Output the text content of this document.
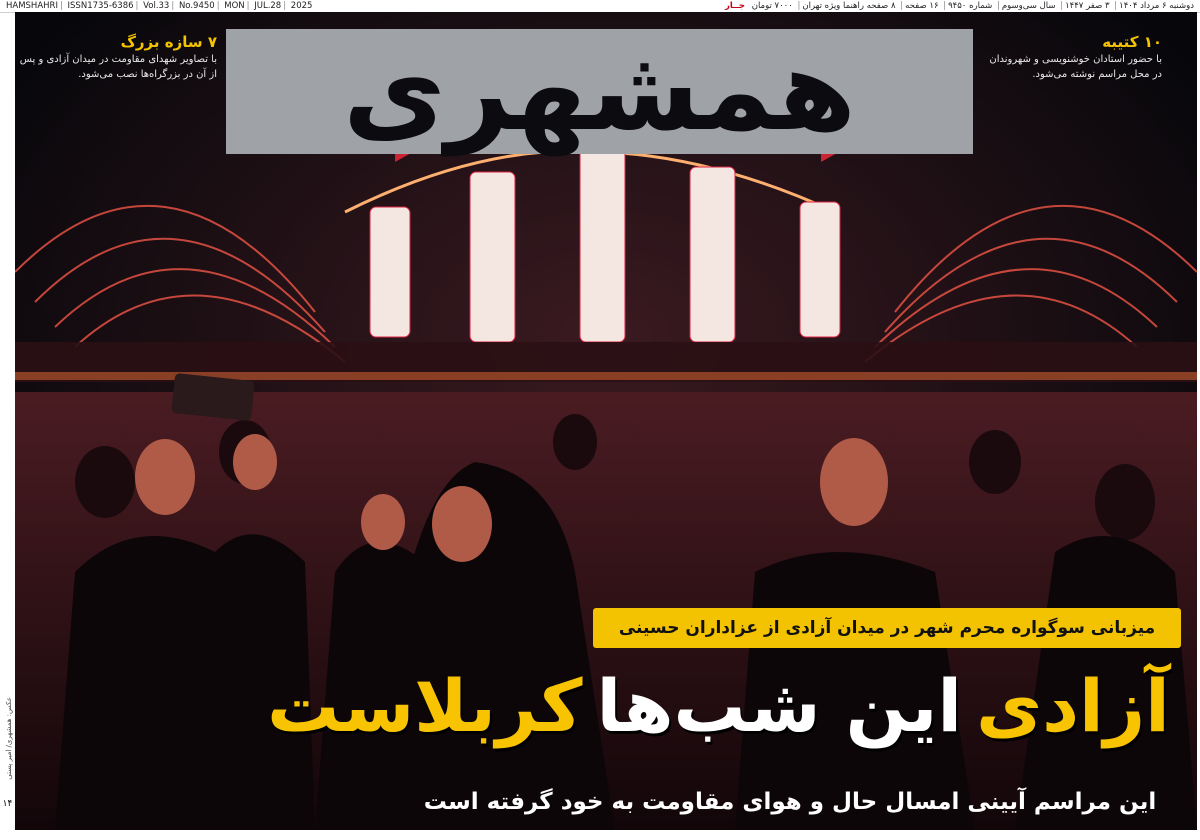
HAMSHAHRI | ISSN1735-6386 | Vol.33 | No.9450 | MON | JUL.28 | 2025	دوشنبه ۶ مرداد ۱۴۰۴| ۳ صفر ۱۴۴۷| سال سی‌وسوم| شماره ۹۴۵۰| ۱۶ صفحه| ۸ صفحه راهنما ویژه تهران| ۷۰۰۰ تومان جــار
همشهری
۷ سازه بزرگ
با تصاویر شهدای مقاومت در میدان آزادی و پس از آن در بزرگراه‌ها نصب می‌شود.
۱۰ کتیبه
با حضور استادان خوشنویسی و شهروندان در محل مراسم نوشته می‌شود.
میزبانی سوگواره محرم شهر در میدان آزادی از عزاداران حسینی
آزادی
این شب‌ها
کربلاست
این مراسم آیینی امسال حال و هوای مقاومت به خود گرفته است
۱۴
عکس: همشهری/ امیر پستی
